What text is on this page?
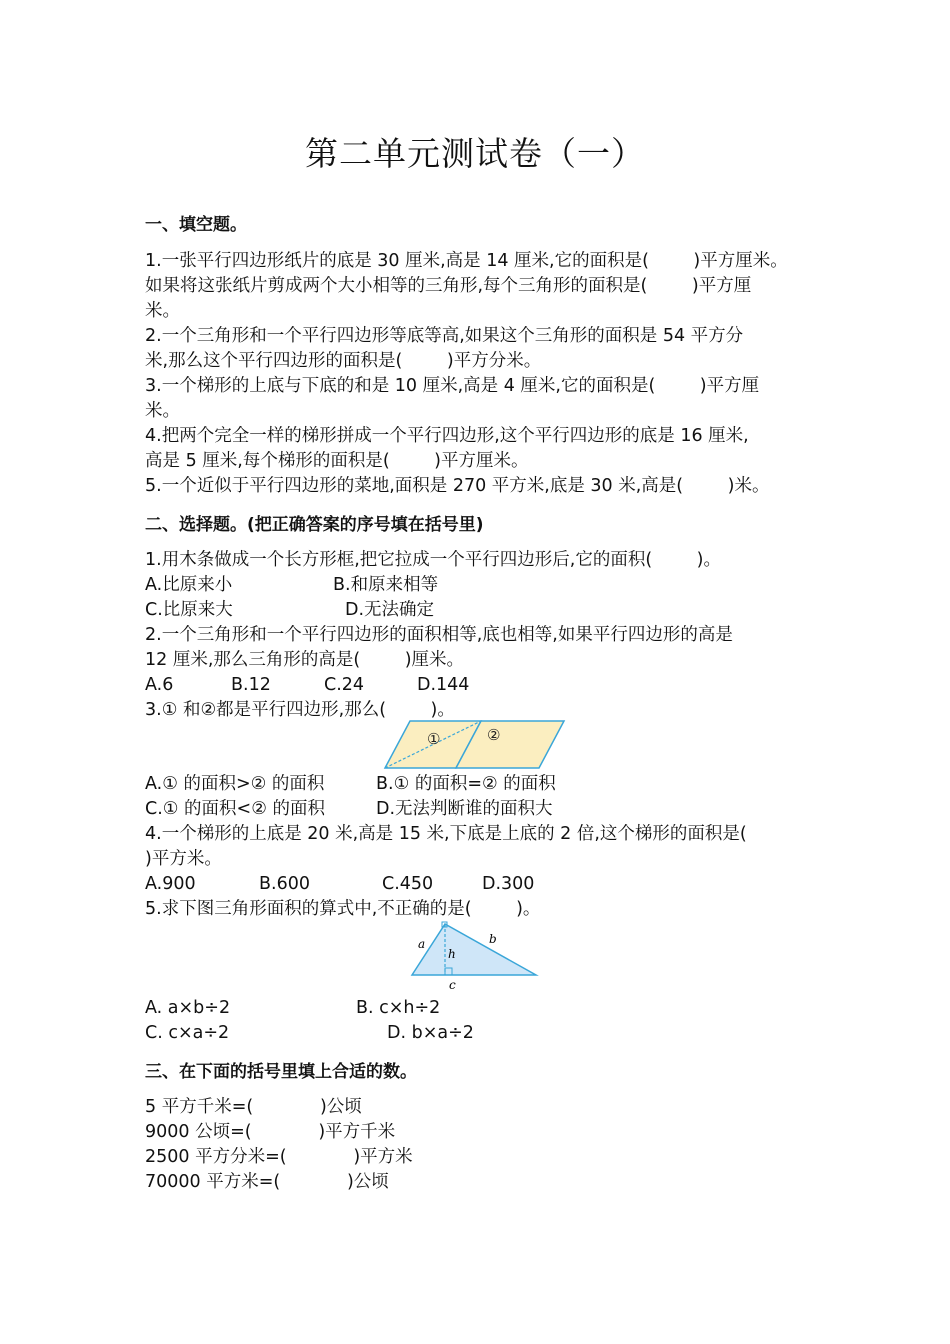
第二单元测试卷（一）
一、填空题。
1.一张平行四边形纸片的底是 30 厘米,高是 14 厘米,它的面积是(        )平方厘米。
如果将这张纸片剪成两个大小相等的三角形,每个三角形的面积是(        )平方厘
米。
2.一个三角形和一个平行四边形等底等高,如果这个三角形的面积是 54 平方分
米,那么这个平行四边形的面积是(        )平方分米。
3.一个梯形的上底与下底的和是 10 厘米,高是 4 厘米,它的面积是(        )平方厘
米。
4.把两个完全一样的梯形拼成一个平行四边形,这个平行四边形的底是 16 厘米,
高是 5 厘米,每个梯形的面积是(        )平方厘米。
5.一个近似于平行四边形的菜地,面积是 270 平方米,底是 30 米,高是(        )米。
二、选择题。(把正确答案的序号填在括号里)
1.用木条做成一个长方形框,把它拉成一个平行四边形后,它的面积(        )。
A.比原来小	B.和原来相等
C.比原来大	D.无法确定
2.一个三角形和一个平行四边形的面积相等,底也相等,如果平行四边形的高是
12 厘米,那么三角形的高是(        )厘米。
A.6	B.12	C.24	D.144
3.① 和②都是平行四边形,那么(        )。
①	②
A.① 的面积>② 的面积	B.① 的面积=② 的面积
C.① 的面积<② 的面积	D.无法判断谁的面积大
4.一个梯形的上底是 20 米,高是 15 米,下底是上底的 2 倍,这个梯形的面积是(
)平方米。
A.900	B.600	C.450	D.300
5.求下图三角形面积的算式中,不正确的是(        )。
a	b
h
c
A. a×b÷2	B. c×h÷2
C. c×a÷2	D. b×a÷2
三、在下面的括号里填上合适的数。
5 平方千米=(            )公顷
9000 公顷=(            )平方千米
2500 平方分米=(            )平方米
70000 平方米=(            )公顷
